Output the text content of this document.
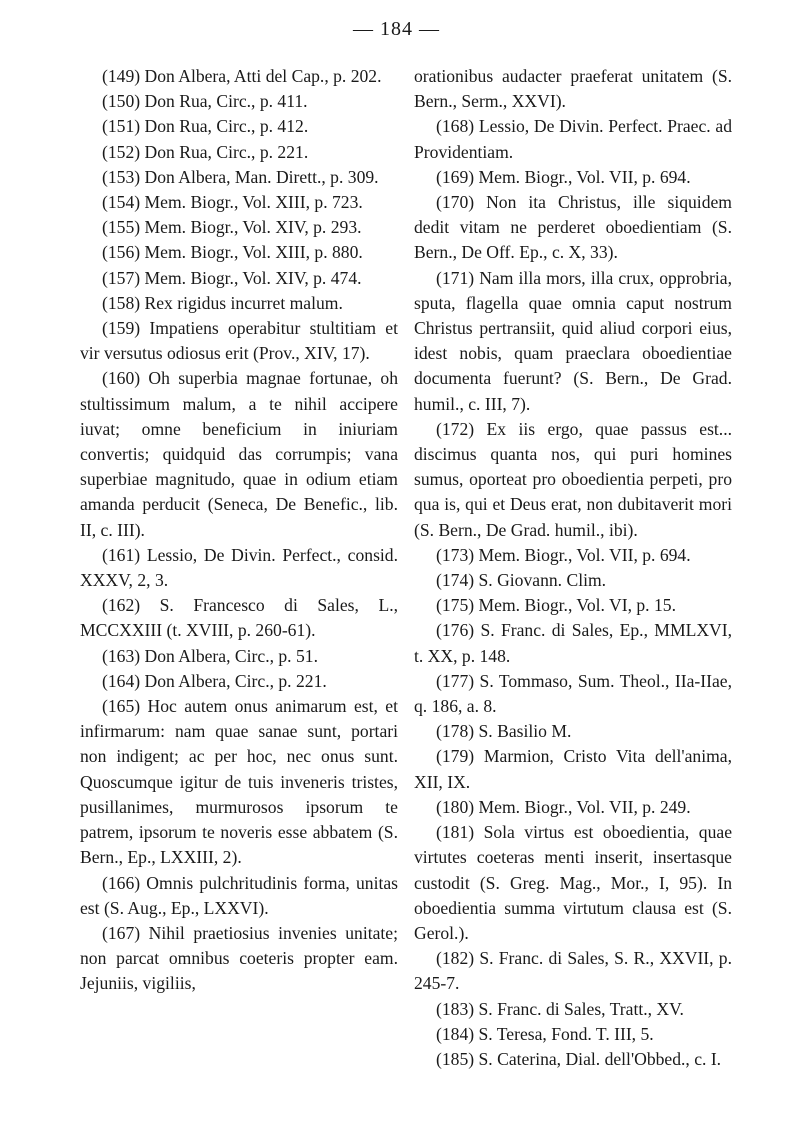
— 184 —

(149) Don Albera, Atti del Cap., p. 202.

(150) Don Rua, Circ., p. 411.

(151) Don Rua, Circ., p. 412.

(152) Don Rua, Circ., p. 221.

(153) Don Albera, Man. Dirett., p. 309.

(154) Mem. Biogr., Vol. XIII, p. 723.

(155) Mem. Biogr., Vol. XIV, p. 293.

(156) Mem. Biogr., Vol. XIII, p. 880.

(157) Mem. Biogr., Vol. XIV, p. 474.

(158) Rex rigidus incurret malum.

(159) Impatiens operabitur stultitiam et vir versutus odiosus erit (Prov., XIV, 17).

(160) Oh superbia magnae fortunae, oh stultissimum malum, a te nihil accipere iuvat; omne beneficium in iniuriam convertis; quidquid das corrumpis; vana superbiae magnitudo, quae in odium etiam amanda perducit (Seneca, De Benefic., lib. II, c. III).

(161) Lessio, De Divin. Perfect., consid. XXXV, 2, 3.

(162) S. Francesco di Sales, L., MCCXXIII (t. XVIII, p. 260-61).

(163) Don Albera, Circ., p. 51.

(164) Don Albera, Circ., p. 221.

(165) Hoc autem onus animarum est, et infirmarum: nam quae sanae sunt, portari non indigent; ac per hoc, nec onus sunt. Quoscumque igitur de tuis inveneris tristes, pusillanimes, murmurosos ipsorum te patrem, ipsorum te noveris esse abbatem (S. Bern., Ep., LXXIII, 2).

(166) Omnis pulchritudinis forma, unitas est (S. Aug., Ep., LXXVI).

(167) Nihil praetiosius invenies unitate; non parcat omnibus coeteris propter eam. Jejuniis, vigiliis,

orationibus audacter praeferat unitatem (S. Bern., Serm., XXVI).

(168) Lessio, De Divin. Perfect. Praec. ad Providentiam.

(169) Mem. Biogr., Vol. VII, p. 694.

(170) Non ita Christus, ille siquidem dedit vitam ne perderet oboedientiam (S. Bern., De Off. Ep., c. X, 33).

(171) Nam illa mors, illa crux, opprobria, sputa, flagella quae omnia caput nostrum Christus pertransiit, quid aliud corpori eius, idest nobis, quam praeclara oboedientiae documenta fuerunt? (S. Bern., De Grad. humil., c. III, 7).

(172) Ex iis ergo, quae passus est... discimus quanta nos, qui puri homines sumus, oporteat pro oboedientia perpeti, pro qua is, qui et Deus erat, non dubitaverit mori (S. Bern., De Grad. humil., ibi).

(173) Mem. Biogr., Vol. VII, p. 694.

(174) S. Giovann. Clim.

(175) Mem. Biogr., Vol. VI, p. 15.

(176) S. Franc. di Sales, Ep., MMLXVI, t. XX, p. 148.

(177) S. Tommaso, Sum. Theol., IIa-IIae, q. 186, a. 8.

(178) S. Basilio M.

(179) Marmion, Cristo Vita dell'anima, XII, IX.

(180) Mem. Biogr., Vol. VII, p. 249.

(181) Sola virtus est oboedientia, quae virtutes coeteras menti inserit, insertasque custodit (S. Greg. Mag., Mor., I, 95). In oboedientia summa virtutum clausa est (S. Gerol.).

(182) S. Franc. di Sales, S. R., XXVII, p. 245-7.

(183) S. Franc. di Sales, Tratt., XV.

(184) S. Teresa, Fond. T. III, 5.

(185) S. Caterina, Dial. dell'Obbed., c. I.
